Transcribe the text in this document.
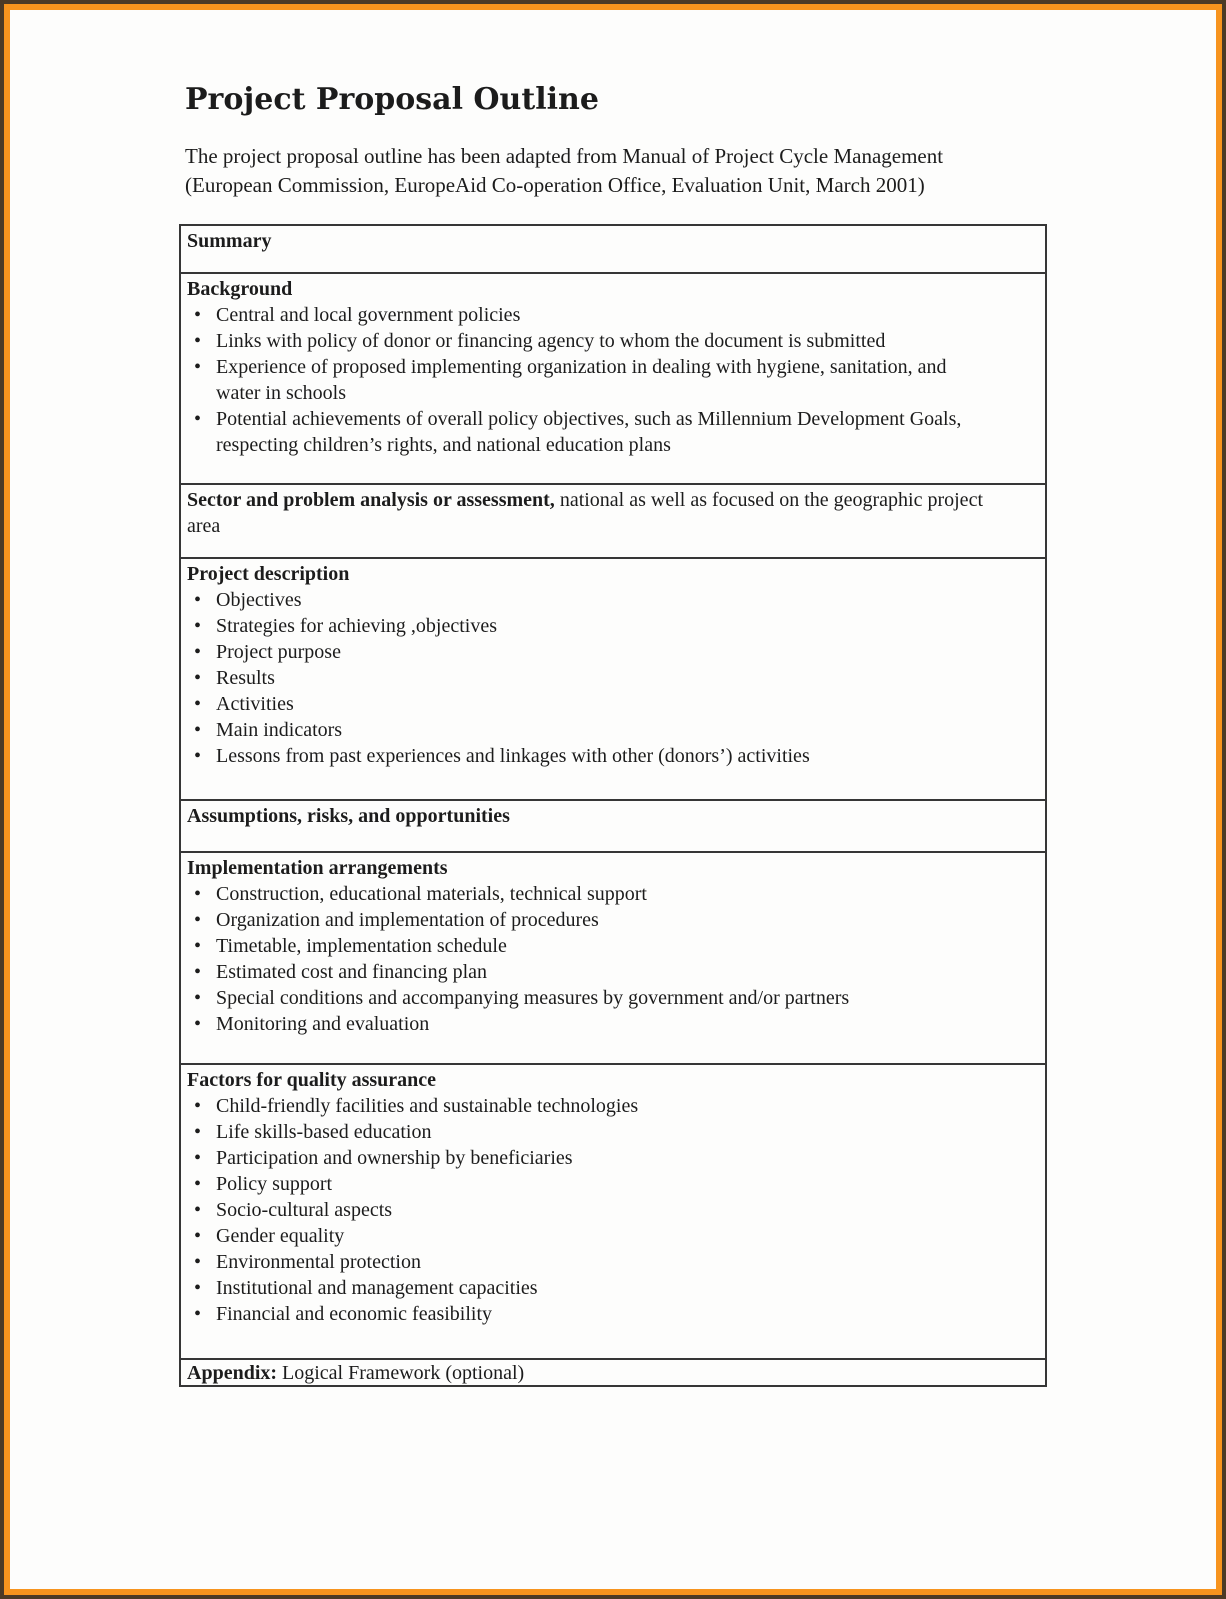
Project Proposal Outline

The project proposal outline has been adapted from Manual of Project Cycle Management (European Commission, EuropeAid Co-operation Office, Evaluation Unit, March 2001)

Summary

Background

• Central and local government policies
• Links with policy of donor or financing agency to whom the document is submitted
• Experience of proposed implementing organization in dealing with hygiene, sanitation, and water in schools
• Potential achievements of overall policy objectives, such as Millennium Development Goals, respecting children’s rights, and national education plans

Sector and problem analysis or assessment, national as well as focused on the geographic project area

Project description

• Objectives
• Strategies for achieving ,objectives
• Project purpose
• Results
• Activities
• Main indicators
• Lessons from past experiences and linkages with other (donors’) activities

Assumptions, risks, and opportunities

Implementation arrangements

• Construction, educational materials, technical support
• Organization and implementation of procedures
• Timetable, implementation schedule
• Estimated cost and financing plan
• Special conditions and accompanying measures by government and/or partners
• Monitoring and evaluation

Factors for quality assurance

• Child-friendly facilities and sustainable technologies
• Life skills-based education
• Participation and ownership by beneficiaries
• Policy support
• Socio-cultural aspects
• Gender equality
• Environmental protection
• Institutional and management capacities
• Financial and economic feasibility

Appendix: Logical Framework (optional)
